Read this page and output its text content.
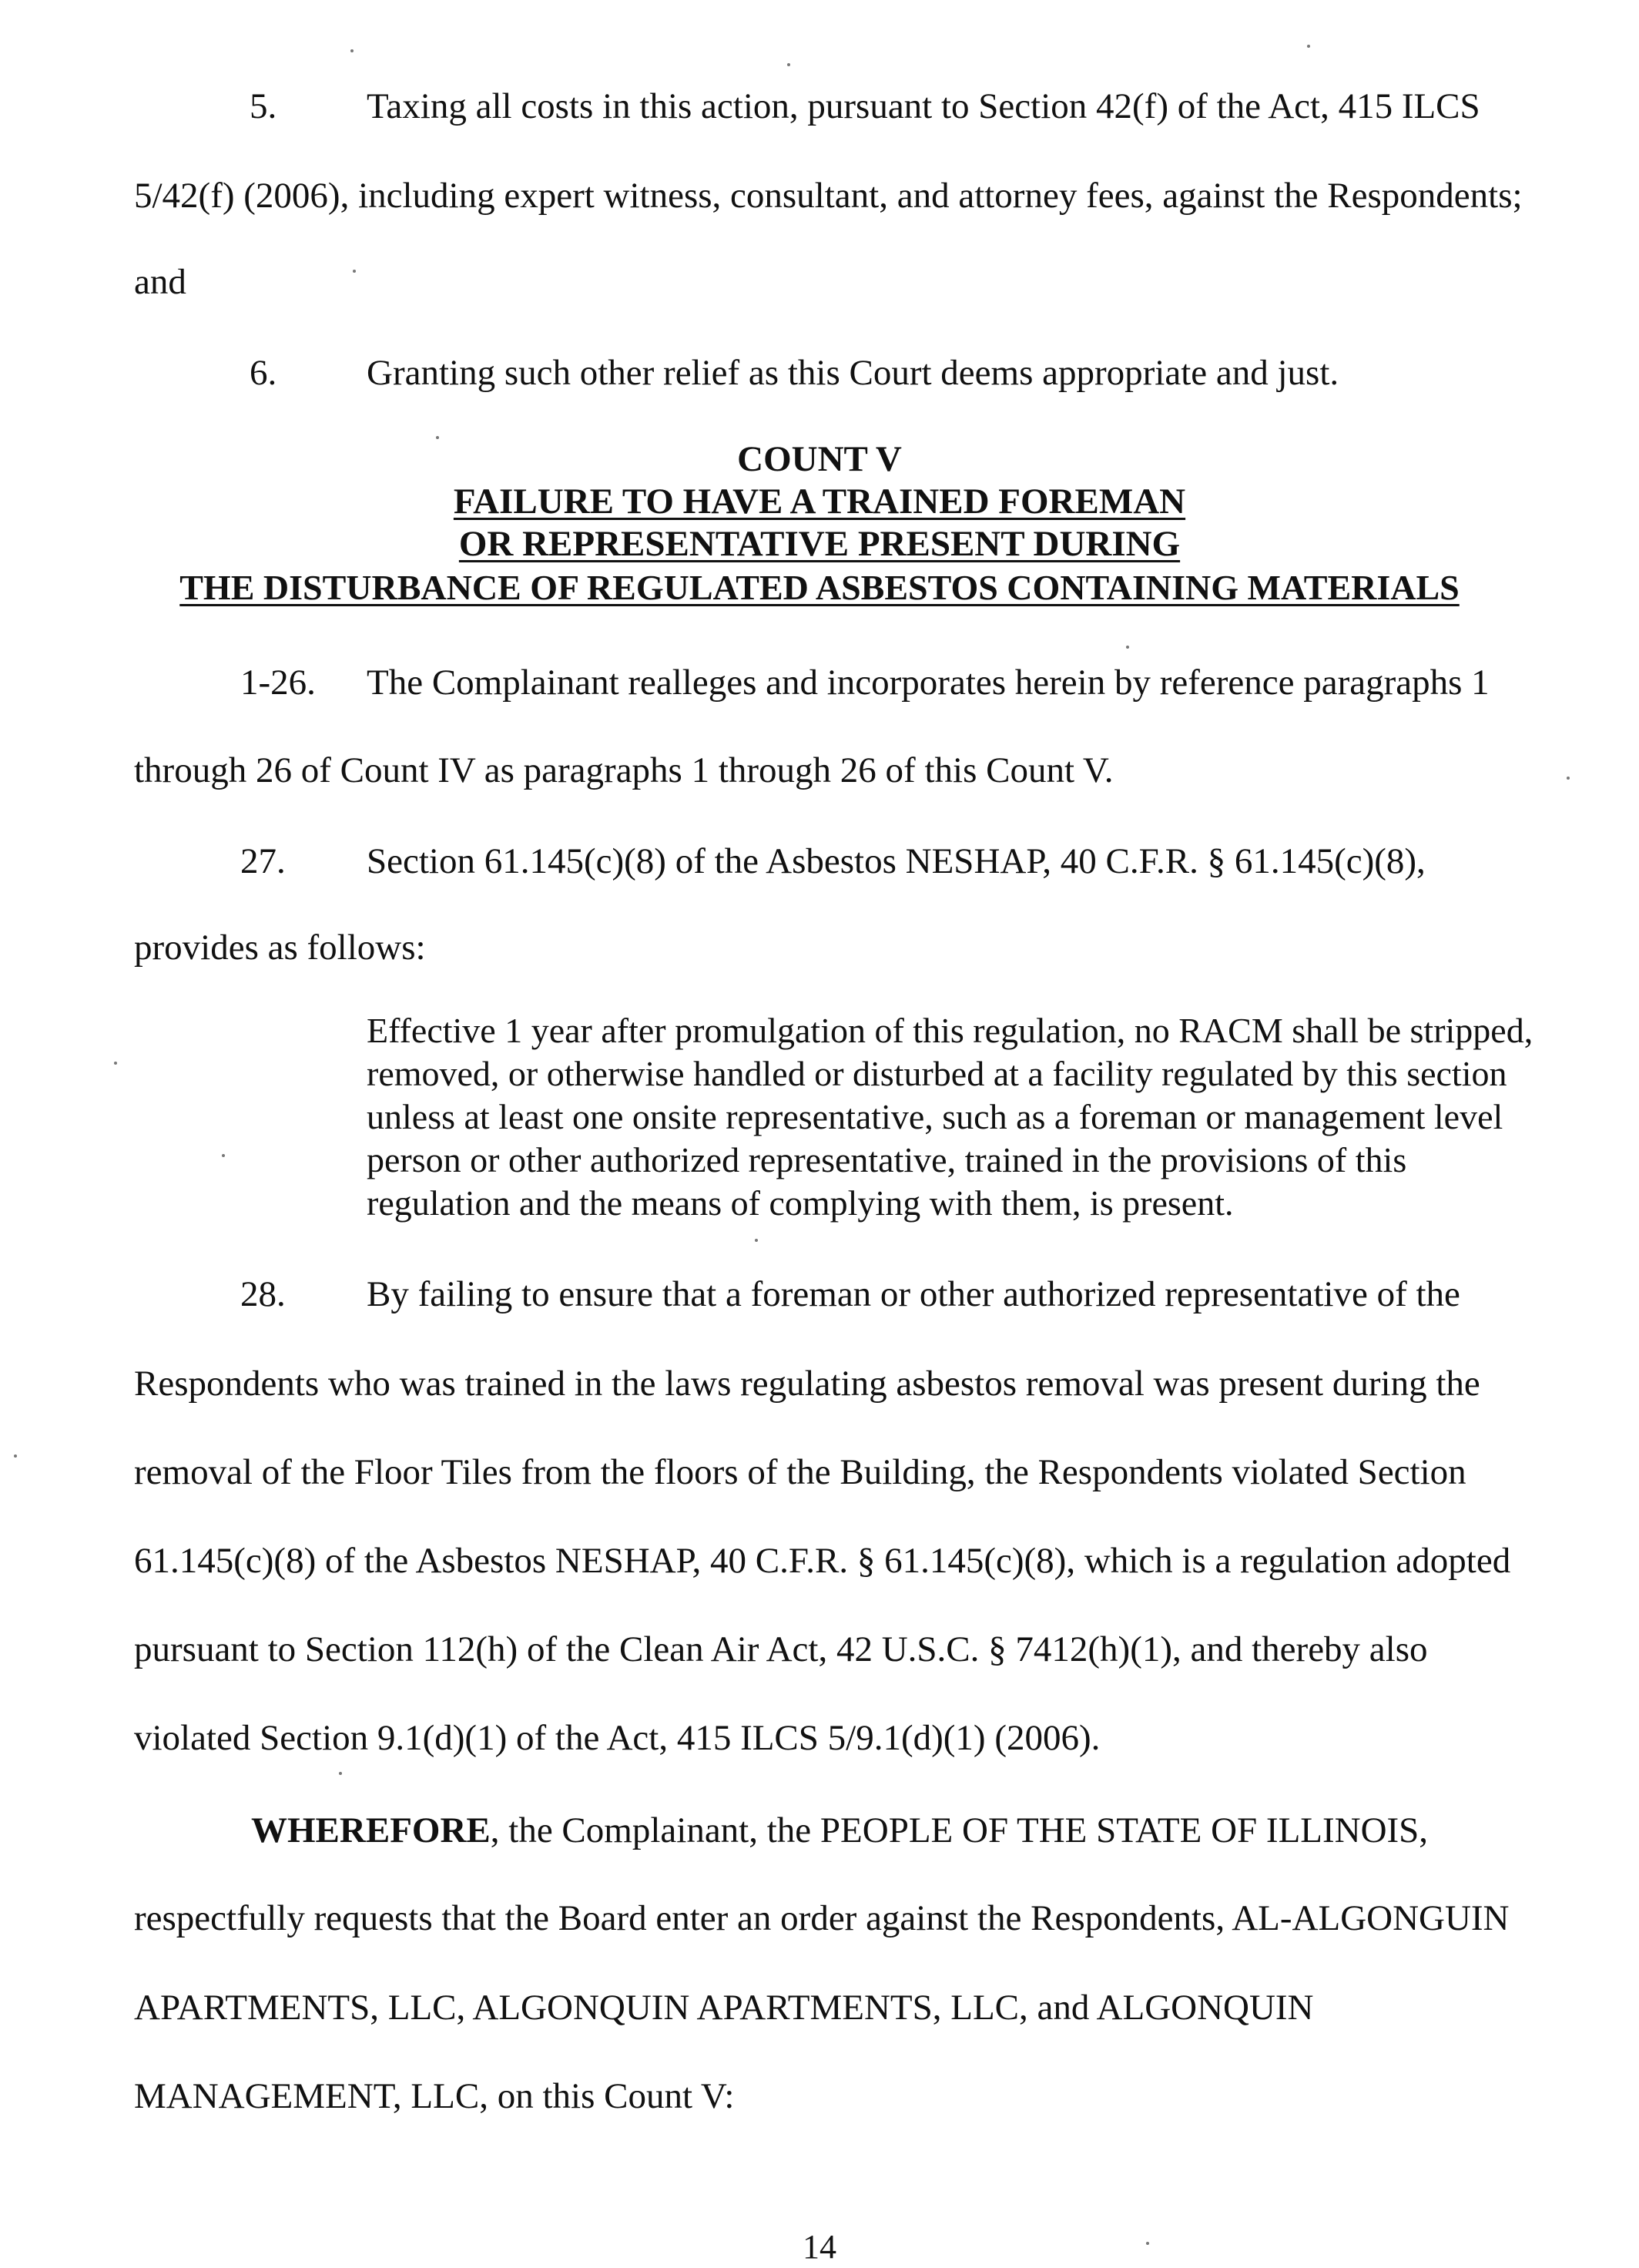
5. Taxing all costs in this action, pursuant to Section 42(f) of the Act, 415 ILCS

5/42(f) (2006), including expert witness, consultant, and attorney fees, against the Respondents;

and

6. Granting such other relief as this Court deems appropriate and just.

COUNT V
FAILURE TO HAVE A TRAINED FOREMAN
OR REPRESENTATIVE PRESENT DURING
THE DISTURBANCE OF REGULATED ASBESTOS CONTAINING MATERIALS
1-26. The Complainant realleges and incorporates herein by reference paragraphs 1

through 26 of Count IV as paragraphs 1 through 26 of this Count V.

27. Section 61.145(c)(8) of the Asbestos NESHAP, 40 C.F.R. § 61.145(c)(8),

provides as follows:

Effective 1 year after promulgation of this regulation, no RACM shall be stripped,
removed, or otherwise handled or disturbed at a facility regulated by this section
unless at least one onsite representative, such as a foreman or management level
person or other authorized representative, trained in the provisions of this
regulation and the means of complying with them, is present.
28. By failing to ensure that a foreman or other authorized representative of the

Respondents who was trained in the laws regulating asbestos removal was present during the

removal of the Floor Tiles from the floors of the Building, the Respondents violated Section

61.145(c)(8) of the Asbestos NESHAP, 40 C.F.R. § 61.145(c)(8), which is a regulation adopted

pursuant to Section 112(h) of the Clean Air Act, 42 U.S.C. § 7412(h)(1), and thereby also

violated Section 9.1(d)(1) of the Act, 415 ILCS 5/9.1(d)(1) (2006).

WHEREFORE, the Complainant, the PEOPLE OF THE STATE OF ILLINOIS,

respectfully requests that the Board enter an order against the Respondents, AL-ALGONGUIN

APARTMENTS, LLC, ALGONQUIN APARTMENTS, LLC, and ALGONQUIN

MANAGEMENT, LLC, on this Count V:

14
